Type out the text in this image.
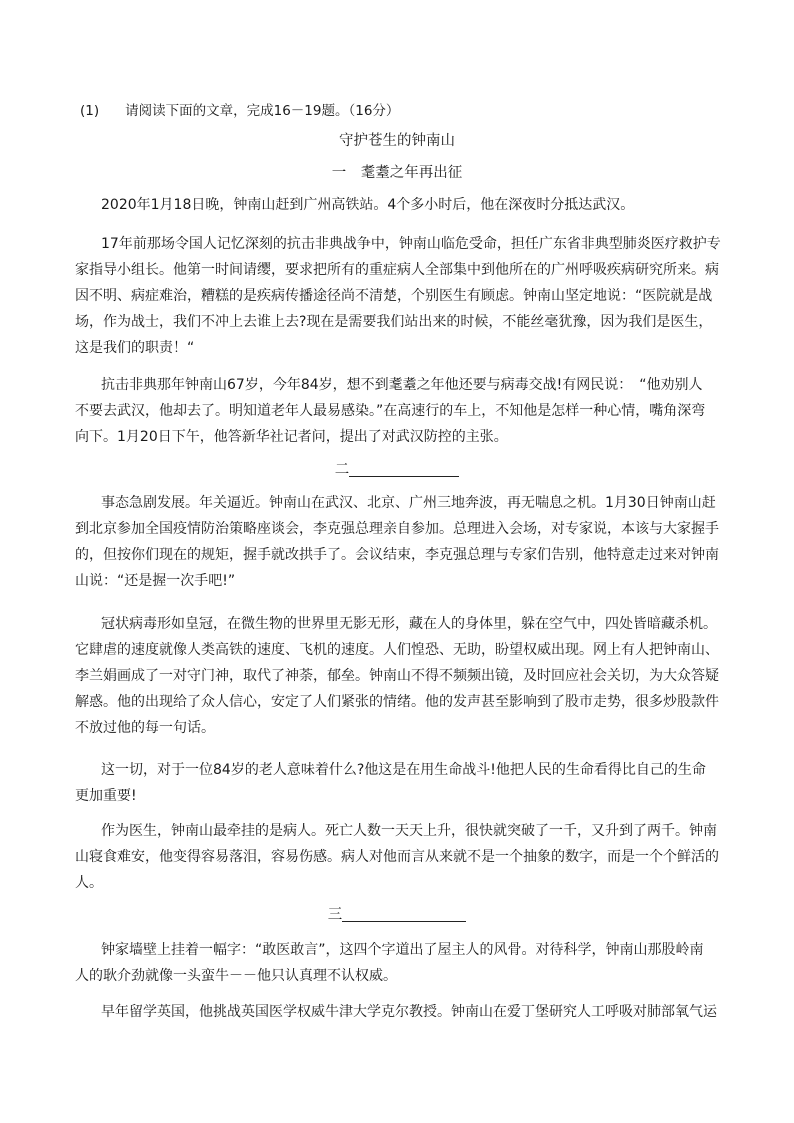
(1) 请阅读下面的文章，完成16－19题。（16分）
守护苍生的钟南山
一　耄耋之年再出征
2020年1月18日晚，钟南山赶到广州高铁站。4个多小时后，他在深夜时分抵达武汉。
17年前那场令国人记忆深刻的抗击非典战争中，钟南山临危受命，担任广东省非典型肺炎医疗救护专
家指导小组长。他第一时间请缨，要求把所有的重症病人全部集中到他所在的广州呼吸疾病研究所来。病
因不明、病症难治，糟糕的是疾病传播途径尚不清楚，个别医生有顾虑。钟南山坚定地说：“医院就是战
场，作为战士，我们不冲上去谁上去?现在是需要我们站出来的时候，不能丝毫犹豫，因为我们是医生，
这是我们的职责！“
抗击非典那年钟南山67岁，今年84岁，想不到耄耋之年他还要与病毒交战!有网民说：　“他劝别人
不要去武汉，他却去了。明知道老年人最易感染。”在高速行的车上，不知他是怎样一种心情，嘴角深弯
向下。1月20日下午，他答新华社记者问，提出了对武汉防控的主张。
二
事态急剧发展。年关逼近。钟南山在武汉、北京、广州三地奔波，再无喘息之机。1月30日钟南山赶
到北京参加全国疫情防治策略座谈会，李克强总理亲自参加。总理进入会场，对专家说，本该与大家握手
的，但按你们现在的规矩，握手就改拱手了。会议结束，李克强总理与专家们告别，他特意走过来对钟南
山说：“还是握一次手吧!”
冠状病毒形如皇冠，在微生物的世界里无影无形，藏在人的身体里，躲在空气中，四处皆暗藏杀机。
它肆虐的速度就像人类高铁的速度、飞机的速度。人们惶恐、无助，盼望权威出现。网上有人把钟南山、
李兰娟画成了一对守门神，取代了神荼，郁垒。钟南山不得不频频出镜，及时回应社会关切，为大众答疑
解惑。他的出现给了众人信心，安定了人们紧张的情绪。他的发声甚至影响到了股市走势，很多炒股款件
不放过他的每一句话。
这一切，对于一位84岁的老人意味着什么?他这是在用生命战斗!他把人民的生命看得比自己的生命
更加重要!
作为医生，钟南山最牵挂的是病人。死亡人数一天天上升，很快就突破了一千，又升到了两千。钟南
山寝食难安，他变得容易落泪，容易伤感。病人对他而言从来就不是一个抽象的数字，而是一个个鲜活的
人。
三
钟家墙壁上挂着一幅字：“敢医敢言”，这四个字道出了屋主人的风骨。对待科学，钟南山那股岭南
人的耿介劲就像一头蛮牛－－他只认真理不认权威。
早年留学英国，他挑战英国医学权威牛津大学克尔教授。钟南山在爱丁堡研究人工呼吸对肺部氧气运
